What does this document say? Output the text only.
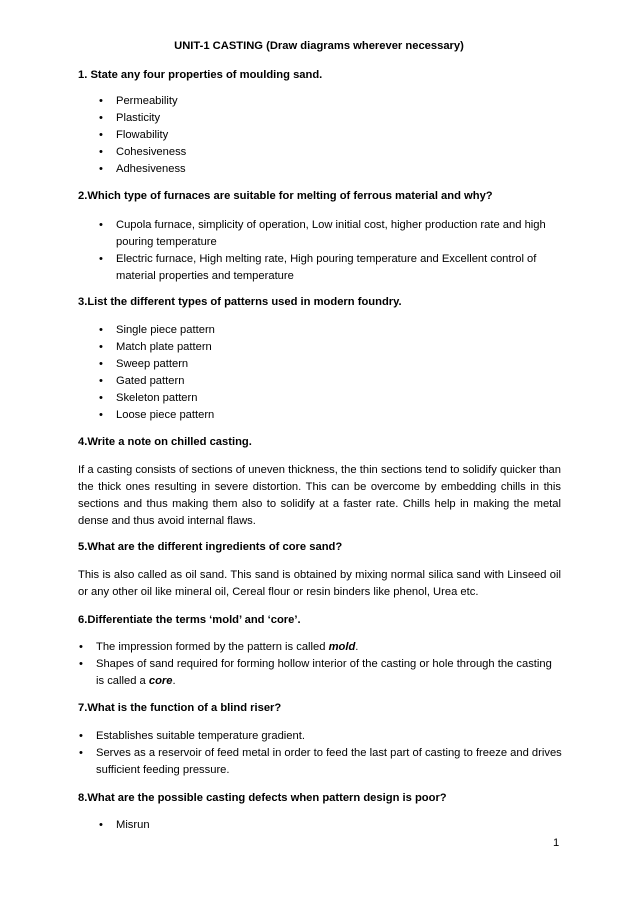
UNIT-1 CASTING (Draw diagrams wherever necessary)
1. State any four properties of moulding sand.
• Permeability
• Plasticity
• Flowability
• Cohesiveness
• Adhesiveness
2.Which type of furnaces are suitable for melting of ferrous material and why?
• Cupola furnace, simplicity of operation, Low initial cost, higher production rate and high pouring temperature
• Electric furnace, High melting rate, High pouring temperature and Excellent control of material properties and temperature
3.List the different types of patterns used in modern foundry.
• Single piece pattern
• Match plate pattern
• Sweep pattern
• Gated pattern
• Skeleton pattern
• Loose piece pattern
4.Write a note on chilled casting.

If a casting consists of sections of uneven thickness, the thin sections tend to solidify quicker than the thick ones resulting in severe distortion. This can be overcome by embedding chills in this sections and thus making them also to solidify at a faster rate. Chills help in making the metal dense and thus avoid internal flaws.

5.What are the different ingredients of core sand?

This is also called as oil sand. This sand is obtained by mixing normal silica sand with Linseed oil or any other oil like mineral oil, Cereal flour or resin binders like phenol, Urea etc.

6.Differentiate the terms ‘mold’ and ‘core’.
• The impression formed by the pattern is called mold.
• Shapes of sand required for forming hollow interior of the casting or hole through the casting is called a core.
7.What is the function of a blind riser?
• Establishes suitable temperature gradient.
• Serves as a reservoir of feed metal in order to feed the last part of casting to freeze and drives sufficient feeding pressure.
8.What are the possible casting defects when pattern design is poor?
• Misrun
1
